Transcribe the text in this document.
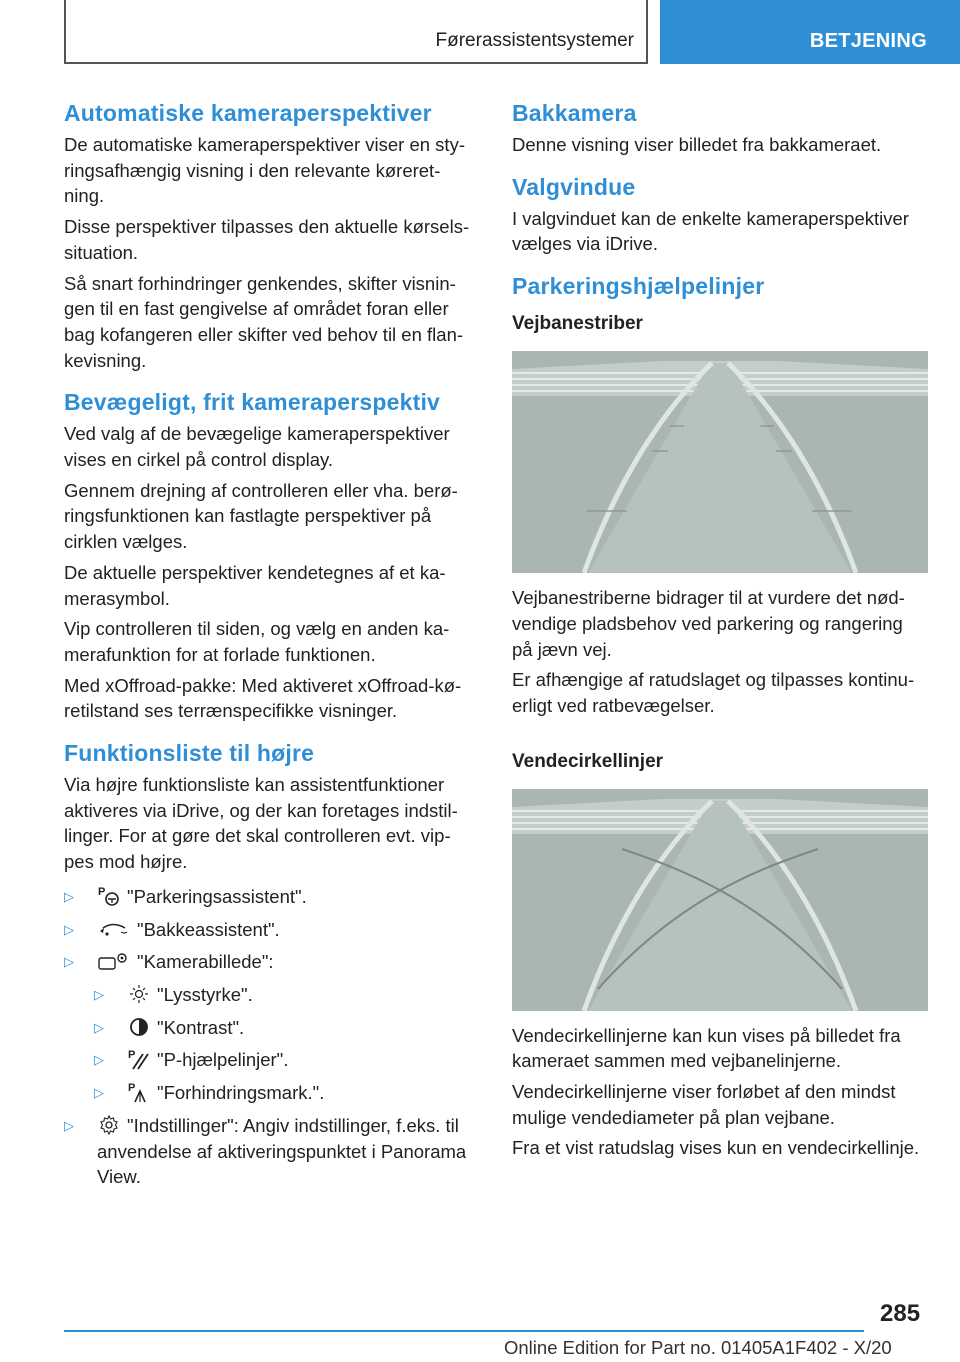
Førerassistentsystemer	BETJENING
Automatiske kameraperspektiver

De automatiske kameraperspektiver viser en sty-ringsafhængig visning i den relevante køreret-ning.

Disse perspektiver tilpasses den aktuelle kørsels-situation.

Så snart forhindringer genkendes, skifter visnin-gen til en fast gengivelse af området foran eller bag kofangeren eller skifter ved behov til en flan-kevisning.

Bevægeligt, frit kameraperspektiv

Ved valg af de bevægelige kameraperspektiver vises en cirkel på control display.

Gennem drejning af controlleren eller vha. berø-ringsfunktionen kan fastlagte perspektiver på cirklen vælges.

De aktuelle perspektiver kendetegnes af et ka-merasymbol.

Vip controlleren til siden, og vælg en anden ka-merafunktion for at forlade funktionen.

Med xOffroad-pakke: Med aktiveret xOffroad-kø-retilstand ses terrænspecifikke visninger.

Funktionsliste til højre

Via højre funktionsliste kan assistentfunktioner aktiveres via iDrive, og der kan foretages indstil-linger. For at gøre det skal controlleren evt. vip-pes mod højre.

▷ P "Parkeringsassistent".
▷	"Bakkeassistent".
▷	"Kamerabillede":
▷	"Lysstyrke".
▷	"Kontrast".
▷ P "P-hjælpelinjer".
▷ P "Forhindringsmark.".
▷	"Indstillinger": Angiv indstillinger, f.eks. til anvendelse af aktiveringspunktet i Panorama View.
Bakkamera

Denne visning viser billedet fra bakkameraet.

Valgvindue

I valgvinduet kan de enkelte kameraperspektiver vælges via iDrive.

Parkeringshjælpelinjer
Vejbanestriber

Vejbanestriberne bidrager til at vurdere det nød-vendige pladsbehov ved parkering og rangering på jævn vej.

Er afhængige af ratudslaget og tilpasses kontinu-erligt ved ratbevægelser.

Vendecirkellinjer

Vendecirkellinjerne kan kun vises på billedet fra kameraet sammen med vejbanelinjerne.

Vendecirkellinjerne viser forløbet af den mindst mulige vendediameter på plan vejbane.

Fra et vist ratudslag vises kun en vendecirkellinje.

285
Online Edition for Part no. 01405A1F402 - X/20
